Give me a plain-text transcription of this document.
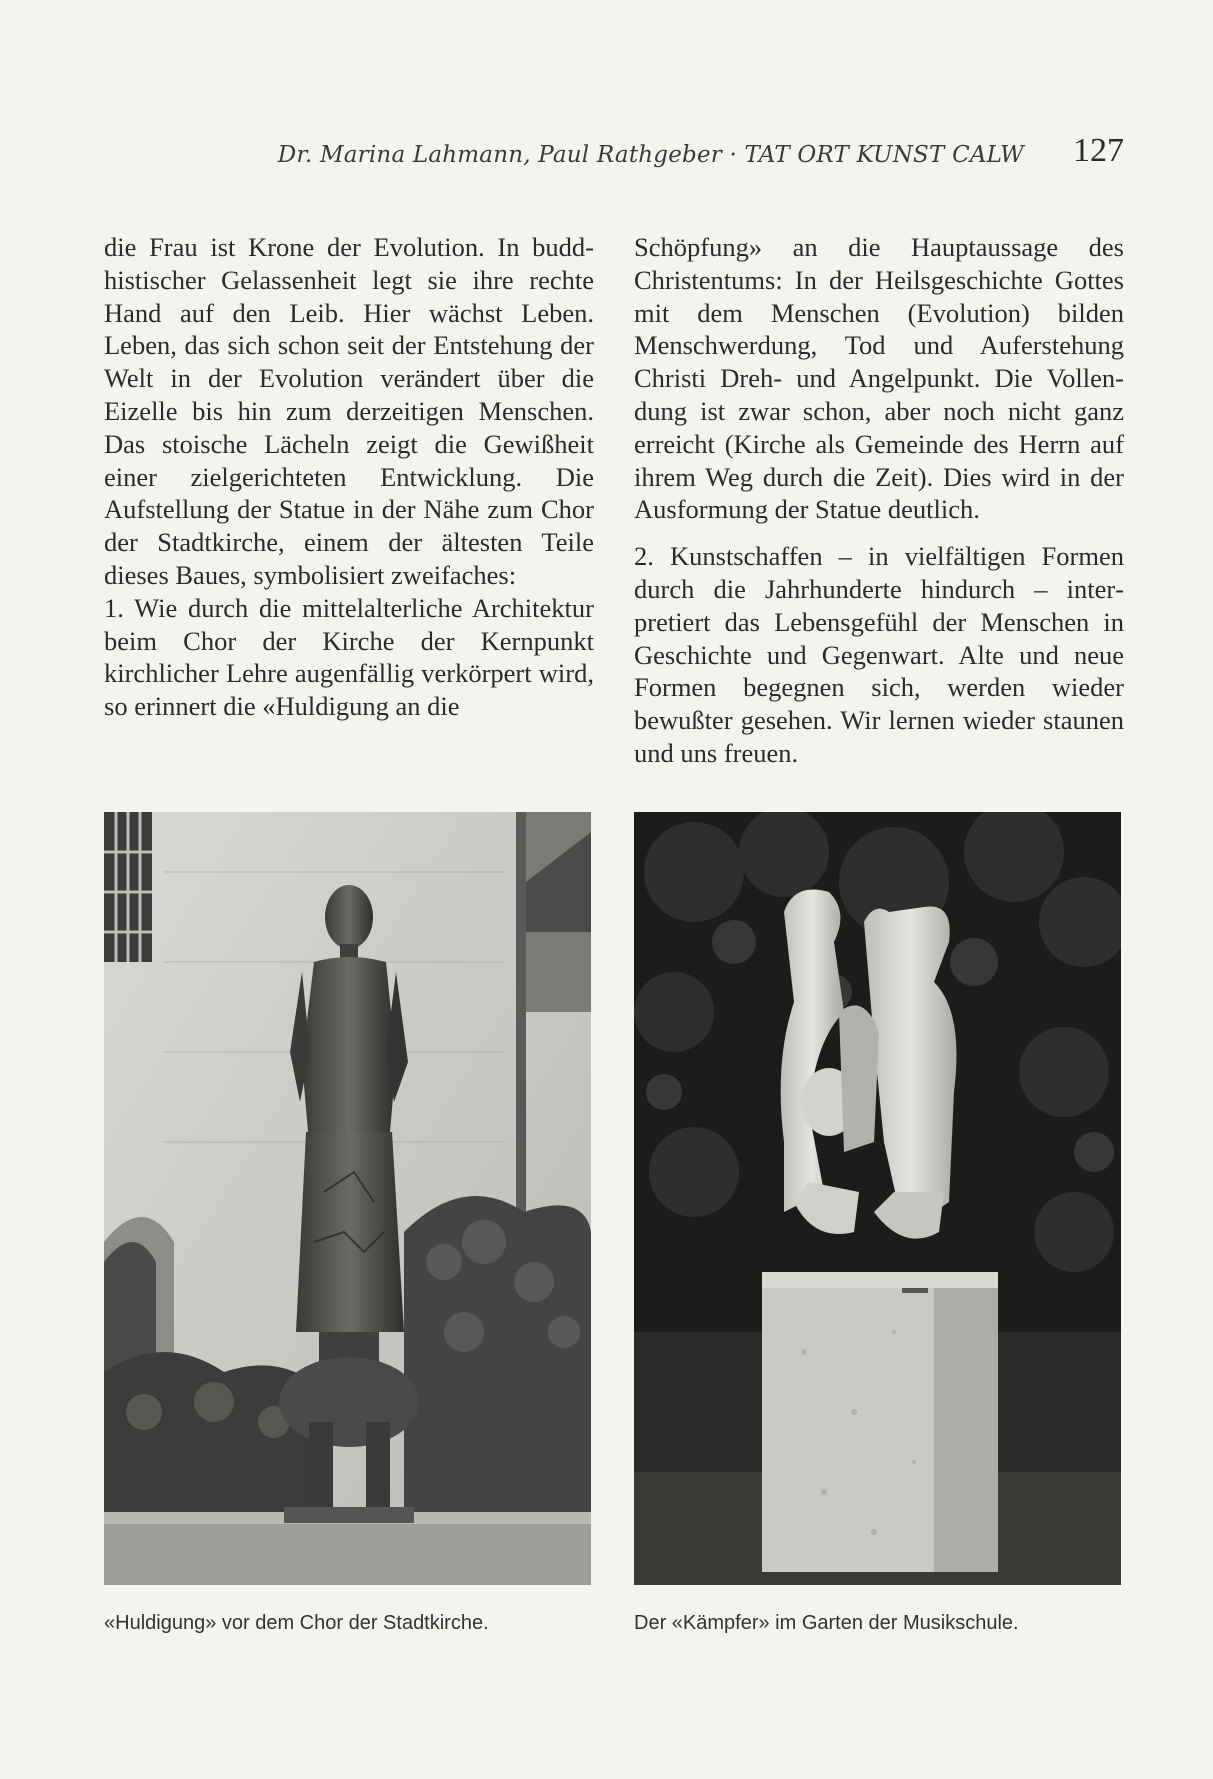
Dr. Marina Lahmann, Paul Rathgeber · TAT ORT KUNST CALW 127

die Frau ist Krone der Evolution. In buddhistischer Gelassenheit legt sie ihre rechte Hand auf den Leib. Hier wächst Leben. Leben, das sich schon seit der Entstehung der Welt in der Evolution verändert über die Eizelle bis hin zum derzeitigen Menschen. Das stoische Lächeln zeigt die Gewißheit einer zielgerichteten Entwicklung. Die Aufstellung der Statue in der Nähe zum Chor der Stadtkirche, einem der ältesten Teile dieses Baues, symbolisiert zweifaches:

1. Wie durch die mittelalterliche Architektur beim Chor der Kirche der Kernpunkt kirchlicher Lehre augenfällig verkörpert wird, so erinnert die «Huldigung an die

Schöpfung» an die Hauptaussage des Christentums: In der Heilsgeschichte Gottes mit dem Menschen (Evolution) bilden Menschwerdung, Tod und Auferstehung Christi Dreh- und Angelpunkt. Die Vollendung ist zwar schon, aber noch nicht ganz erreicht (Kirche als Gemeinde des Herrn auf ihrem Weg durch die Zeit). Dies wird in der Ausformung der Statue deutlich.

2. Kunstschaffen – in vielfältigen Formen durch die Jahrhunderte hindurch – interpretiert das Lebensgefühl der Menschen in Geschichte und Gegenwart. Alte und neue Formen begegnen sich, werden wieder bewußter gesehen. Wir lernen wieder staunen und uns freuen.

«Huldigung» vor dem Chor der Stadtkirche.	Der «Kämpfer» im Garten der Musikschule.
